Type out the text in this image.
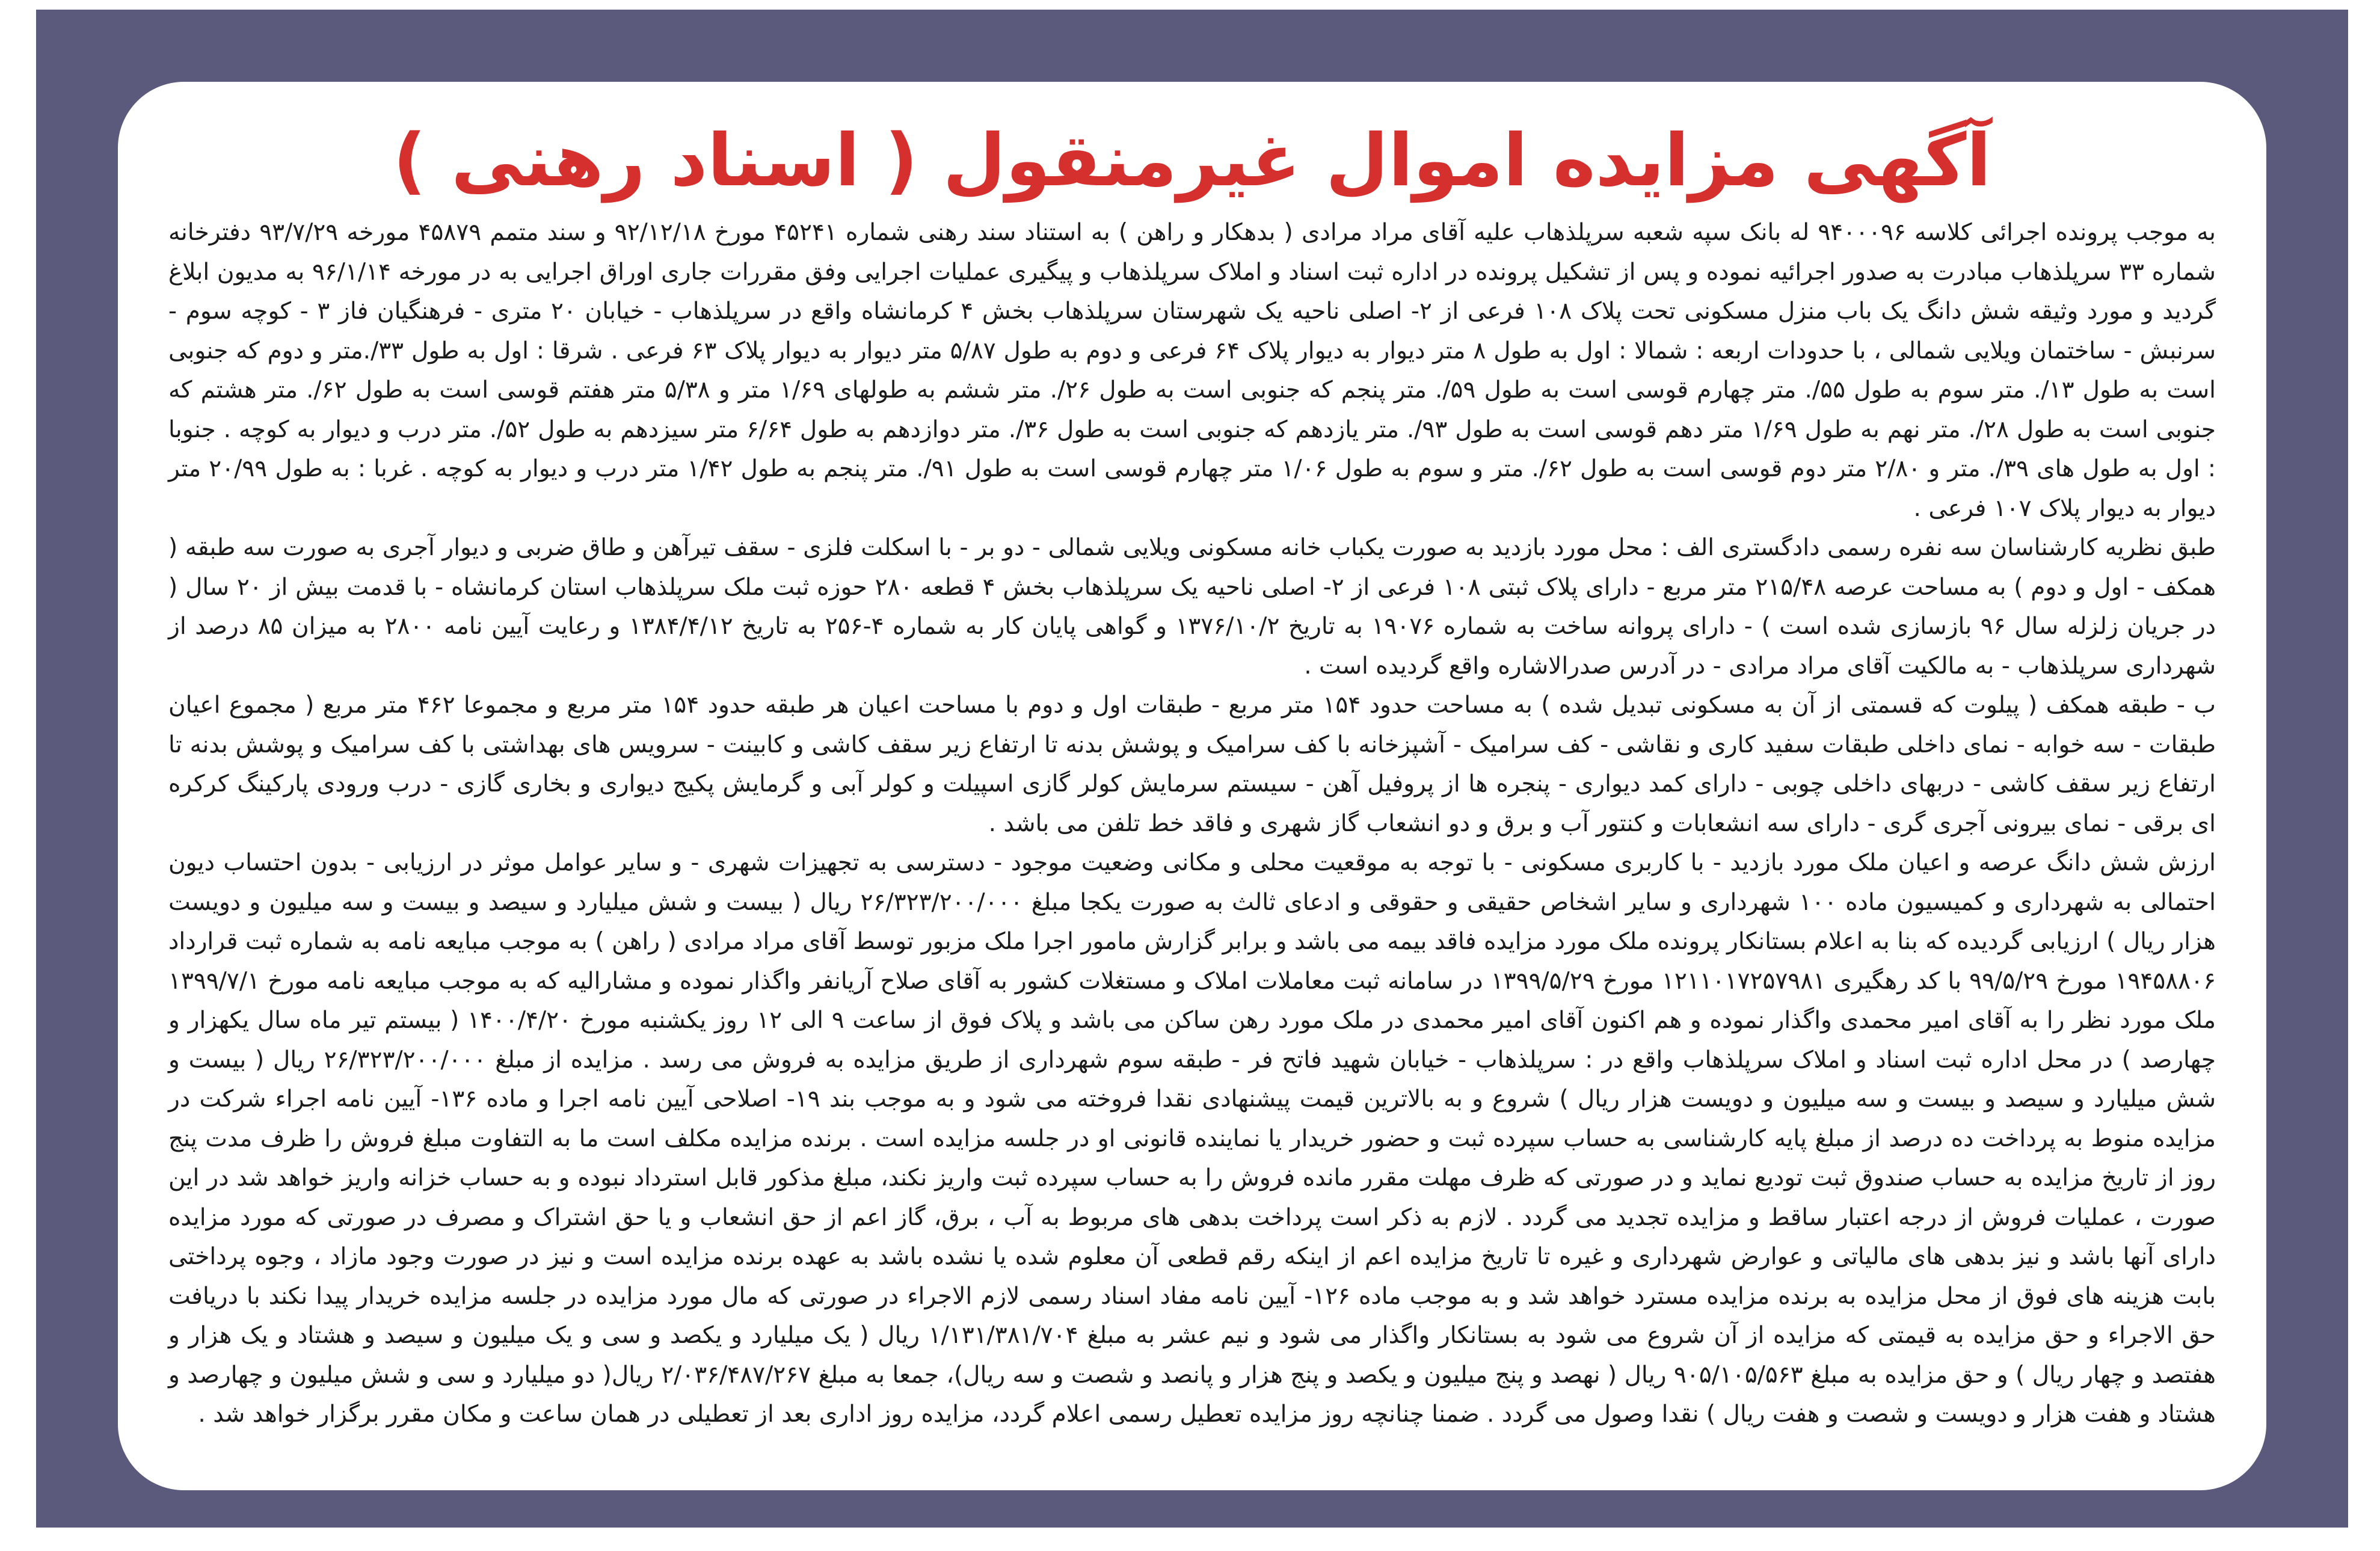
آگهی مزایده اموال غیرمنقول ( اسناد رهنی )

به موجب پرونده اجرائی کلاسه ۹۴۰۰۰۹۶ له بانک سپه شعبه سرپلذهاب علیه آقای مراد مرادی ( بدهکار و راهن ) به استناد سند رهنی شماره ۴۵۲۴۱ مورخ ۹۲/۱۲/۱۸ و سند متمم ۴۵۸۷۹ مورخه ۹۳/۷/۲۹ دفترخانه شماره ۳۳ سرپلذهاب مبادرت به صدور اجرائیه نموده و پس از تشکیل پرونده در اداره ثبت اسناد و املاک سرپلذهاب و پیگیری عملیات اجرایی وفق مقررات جاری اوراق اجرایی به در مورخه ۹۶/۱/۱۴ به مدیون ابلاغ گردید و مورد وثیقه شش دانگ یک باب منزل مسکونی تحت پلاک ۱۰۸ فرعی از ۲- اصلی ناحیه یک شهرستان سرپلذهاب بخش ۴ کرمانشاه واقع در سرپلذهاب - خیابان ۲۰ متری - فرهنگیان فاز ۳ - کوچه سوم - سرنبش - ساختمان ویلایی شمالی ، با حدودات اربعه : شمالا : اول به طول ۸ متر دیوار به دیوار پلاک ۶۴ فرعی و دوم به طول ۵/۸۷ متر دیوار به دیوار پلاک ۶۳ فرعی . شرقا : اول به طول ۳۳/.متر و دوم که جنوبی است به طول ۱۳/. متر سوم به طول ۵۵/. متر چهارم قوسی است به طول ۵۹/. متر پنجم که جنوبی است به طول ۲۶/. متر ششم به طولهای ۱/۶۹ متر و ۵/۳۸ متر هفتم قوسی است به طول ۶۲/. متر هشتم که جنوبی است به طول ۲۸/. متر نهم به طول ۱/۶۹ متر دهم قوسی است به طول ۹۳/. متر یازدهم که جنوبی است به طول ۳۶/. متر دوازدهم به طول ۶/۶۴ متر سیزدهم به طول ۵۲/. متر درب و دیوار به کوچه . جنوبا : اول به طول های ۳۹/. متر و ۲/۸۰ متر دوم قوسی است به طول ۶۲/. متر و سوم به طول ۱/۰۶ متر چهارم قوسی است به طول ۹۱/. متر پنجم به طول ۱/۴۲ متر درب و دیوار به کوچه . غربا : به طول ۲۰/۹۹ متر دیوار به دیوار پلاک ۱۰۷ فرعی .

طبق نظریه کارشناسان سه نفره رسمی دادگستری الف : محل مورد بازدید به صورت یکباب خانه مسکونی ویلایی شمالی - دو بر - با اسکلت فلزی - سقف تیرآهن و طاق ضربی و دیوار آجری به صورت سه طبقه ( همکف - اول و دوم ) به مساحت عرصه ۲۱۵/۴۸ متر مربع - دارای پلاک ثبتی ۱۰۸ فرعی از ۲- اصلی ناحیه یک سرپلذهاب بخش ۴ قطعه ۲۸۰ حوزه ثبت ملک سرپلذهاب استان کرمانشاه - با قدمت بیش از ۲۰ سال ( در جریان زلزله سال ۹۶ بازسازی شده است ) - دارای پروانه ساخت به شماره ۱۹۰۷۶ به تاریخ ۱۳۷۶/۱۰/۲ و گواهی پایان کار به شماره ۴-۲۵۶ به تاریخ ۱۳۸۴/۴/۱۲ و رعایت آیین نامه ۲۸۰۰ به میزان ۸۵ درصد از شهرداری سرپلذهاب - به مالکیت آقای مراد مرادی - در آدرس صدرالاشاره واقع گردیده است .

ب - طبقه همکف ( پیلوت که قسمتی از آن به مسکونی تبدیل شده ) به مساحت حدود ۱۵۴ متر مربع - طبقات اول و دوم با مساحت اعیان هر طبقه حدود ۱۵۴ متر مربع و مجموعا ۴۶۲ متر مربع ( مجموع اعیان طبقات - سه خوابه - نمای داخلی طبقات سفید کاری و نقاشی - کف سرامیک - آشپزخانه با کف سرامیک و پوشش بدنه تا ارتفاع زیر سقف کاشی و کابینت - سرویس های بهداشتی با کف سرامیک و پوشش بدنه تا ارتفاع زیر سقف کاشی - دربهای داخلی چوبی - دارای کمد دیواری - پنجره ها از پروفیل آهن - سیستم سرمایش کولر گازی اسپیلت و کولر آبی و گرمایش پکیج دیواری و بخاری گازی - درب ورودی پارکینگ کرکره ای برقی - نمای بیرونی آجری گری - دارای سه انشعابات و کنتور آب و برق و دو انشعاب گاز شهری و فاقد خط تلفن می باشد .

ارزش شش دانگ عرصه و اعیان ملک مورد بازدید - با کاربری مسکونی - با توجه به موقعیت محلی و مکانی وضعیت موجود - دسترسی به تجهیزات شهری - و سایر عوامل موثر در ارزیابی - بدون احتساب دیون احتمالی به شهرداری و کمیسیون ماده ۱۰۰ شهرداری و سایر اشخاص حقیقی و حقوقی و ادعای ثالث به صورت یکجا مبلغ ۲۶/۳۲۳/۲۰۰/۰۰۰ ریال ( بیست و شش میلیارد و سیصد و بیست و سه میلیون و دویست هزار ریال ) ارزیابی گردیده که بنا به اعلام بستانکار پرونده ملک مورد مزایده فاقد بیمه می باشد و برابر گزارش مامور اجرا ملک مزبور توسط آقای مراد مرادی ( راهن ) به موجب مبایعه نامه به شماره ثبت قرارداد ۱۹۴۵۸۸۰۶ مورخ ۹۹/۵/۲۹ با کد رهگیری ۱۲۱۱۰۱۷۲۵۷۹۸۱ مورخ ۱۳۹۹/۵/۲۹ در سامانه ثبت معاملات املاک و مستغلات کشور به آقای صلاح آریانفر واگذار نموده و مشارالیه که به موجب مبایعه نامه مورخ ۱۳۹۹/۷/۱ ملک مورد نظر را به آقای امیر محمدی واگذار نموده و هم اکنون آقای امیر محمدی در ملک مورد رهن ساکن می باشد و پلاک فوق از ساعت ۹ الی ۱۲ روز یکشنبه مورخ ۱۴۰۰/۴/۲۰ ( بیستم تیر ماه سال یکهزار و چهارصد ) در محل اداره ثبت اسناد و املاک سرپلذهاب واقع در : سرپلذهاب - خیابان شهید فاتح فر - طبقه سوم شهرداری از طریق مزایده به فروش می رسد . مزایده از مبلغ ۲۶/۳۲۳/۲۰۰/۰۰۰ ریال ( بیست و شش میلیارد و سیصد و بیست و سه میلیون و دویست هزار ریال ) شروع و به بالاترین قیمت پیشنهادی نقدا فروخته می شود و به موجب بند ۱۹- اصلاحی آیین نامه اجرا و ماده ۱۳۶- آیین نامه اجراء شرکت در مزایده منوط به پرداخت ده درصد از مبلغ پایه کارشناسی به حساب سپرده ثبت و حضور خریدار یا نماینده قانونی او در جلسه مزایده است . برنده مزایده مکلف است ما به التفاوت مبلغ فروش را ظرف مدت پنج روز از تاریخ مزایده به حساب صندوق ثبت تودیع نماید و در صورتی که ظرف مهلت مقرر مانده فروش را به حساب سپرده ثبت واریز نکند، مبلغ مذکور قابل استرداد نبوده و به حساب خزانه واریز خواهد شد در این صورت ، عملیات فروش از درجه اعتبار ساقط و مزایده تجدید می گردد . لازم به ذکر است پرداخت بدهی های مربوط به آب ، برق، گاز اعم از حق انشعاب و یا حق اشتراک و مصرف در صورتی که مورد مزایده دارای آنها باشد و نیز بدهی های مالیاتی و عوارض شهرداری و غیره تا تاریخ مزایده اعم از اینکه رقم قطعی آن معلوم شده یا نشده باشد به عهده برنده مزایده است و نیز در صورت وجود مازاد ، وجوه پرداختی بابت هزینه های فوق از محل مزایده به برنده مزایده مسترد خواهد شد و به موجب ماده ۱۲۶- آیین نامه مفاد اسناد رسمی لازم الاجراء در صورتی که مال مورد مزایده در جلسه مزایده خریدار پیدا نکند با دریافت حق الاجراء و حق مزایده به قیمتی که مزایده از آن شروع می شود به بستانکار واگذار می شود و نیم عشر به مبلغ ۱/۱۳۱/۳۸۱/۷۰۴ ریال ( یک میلیارد و یکصد و سی و یک میلیون و سیصد و هشتاد و یک هزار و هفتصد و چهار ریال ) و حق مزایده به مبلغ ۹۰۵/۱۰۵/۵۶۳ ریال ( نهصد و پنج میلیون و یکصد و پنج هزار و پانصد و شصت و سه ریال)، جمعا به مبلغ ۲/۰۳۶/۴۸۷/۲۶۷ ریال( دو میلیارد و سی و شش میلیون و چهارصد و هشتاد و هفت هزار و دویست و شصت و هفت ریال ) نقدا وصول می گردد . ضمنا چنانچه روز مزایده تعطیل رسمی اعلام گردد، مزایده روز اداری بعد از تعطیلی در همان ساعت و مکان مقرر برگزار خواهد شد .
